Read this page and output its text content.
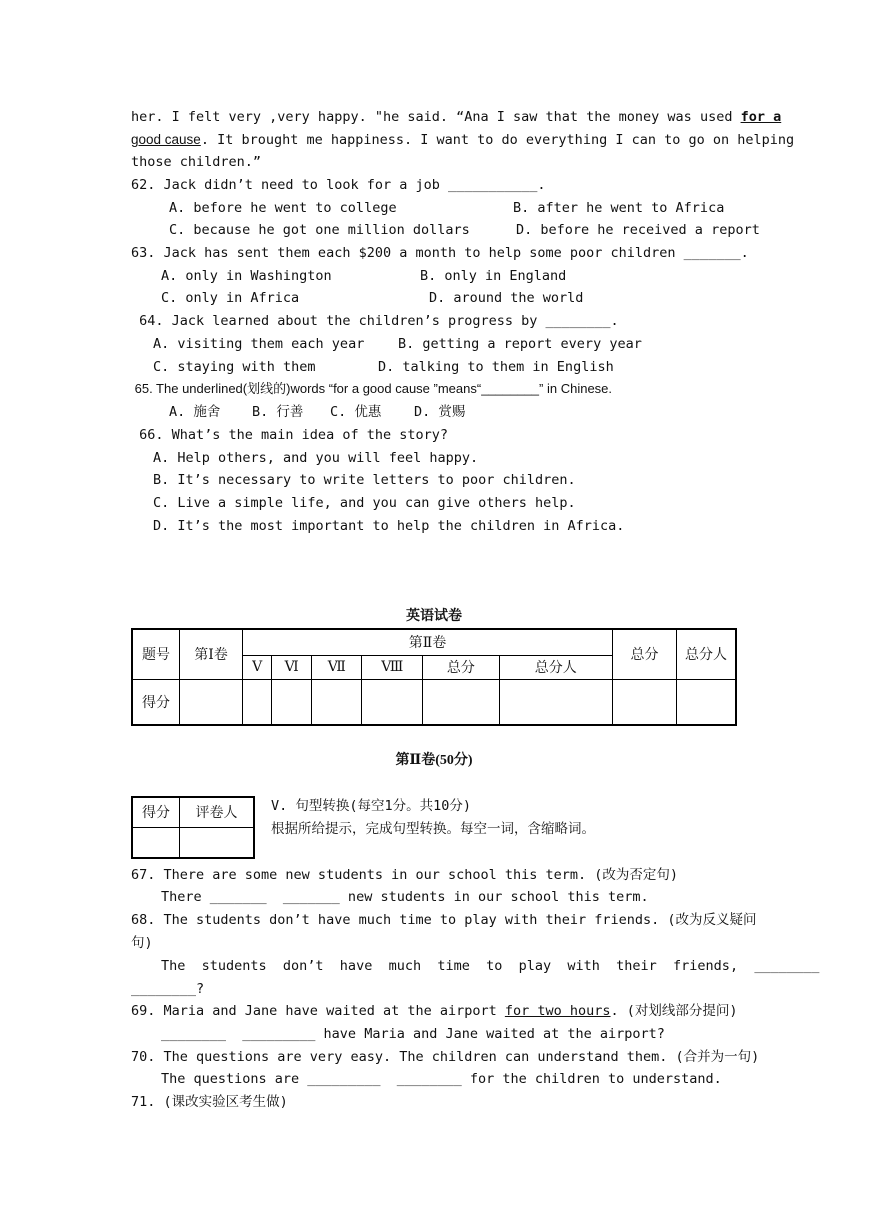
her. I felt very ,very happy. "he said. “Ana I saw that the money was used for a
good cause. It brought me happiness. I want to do everything I can to go on helping
those children.”
62. Jack didn’t need to look for a job ___________.
A. before he went to college	B. after he went to Africa
C. because he got one million dollars	D. before he received a report
63. Jack has sent them each $200 a month to help some poor children _______.
A. only in Washington	B. only in England
C. only in Africa	D. around the world
64. Jack learned about the children’s progress by ________.
A. visiting them each year B. getting a report every year
C. staying with them	D. talking to them in English
65. The underlined(划线的)words “for a good cause ”means“________” in Chinese.
A. 施舍 B. 行善 C. 优惠 D. 赏赐
66. What’s the main idea of the story?
A. Help others, and you will feel happy.
B. It’s necessary to write letters to poor children.
C. Live a simple life, and you can give others help.
D. It’s the most important to help the children in Africa.
英语试卷
题号	第Ⅰ卷	第Ⅱ卷						总分	总分人
		Ⅴ	Ⅵ	Ⅶ	Ⅷ	总分	总分人		
得分									
第Ⅱ卷(50分)
得分	评卷人
	V. 句型转换(每空1分。共10分)
根据所给提示，完成句型转换。每空一词，含缩略词。
67. There are some new students in our school this term. (改为否定句)
There _______  _______ new students in our school this term.
68. The students don’t have much time to play with their friends. (改为反义疑问
句)
The  students  don’t  have  much  time  to  play  with  their  friends,  ________
________?
69. Maria and Jane have waited at the airport for two hours. (对划线部分提问)
________  _________ have Maria and Jane waited at the airport?
70. The questions are very easy. The children can understand them. (合并为一句)
The questions are _________  ________ for the children to understand.
71. (课改实验区考生做)
